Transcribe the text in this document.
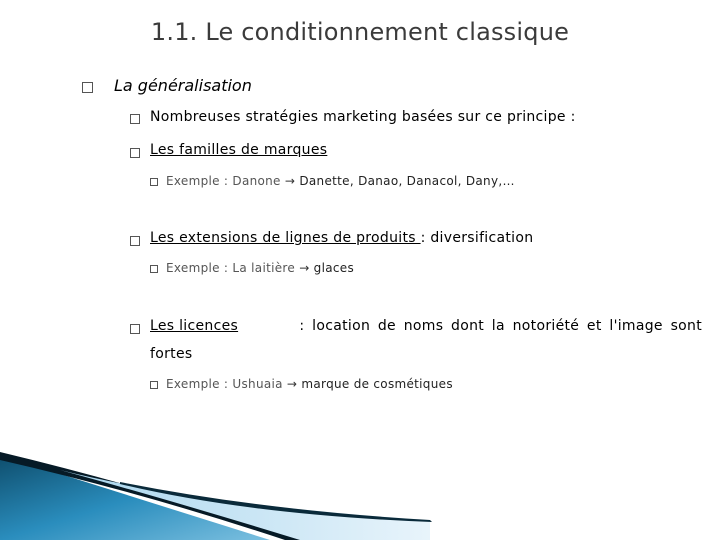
1.1. Le conditionnement classique
La généralisation
Nombreuses stratégies marketing basées sur ce principe :
Les familles de marques
Exemple : Danone → Danette, Danao, Danacol, Dany,…
Les extensions de lignes de produits : diversification
Exemple : La laitière → glaces
Les licences	: location de noms dont la notoriété et l'image sont
fortes
Exemple : Ushuaia → marque de cosmétiques
